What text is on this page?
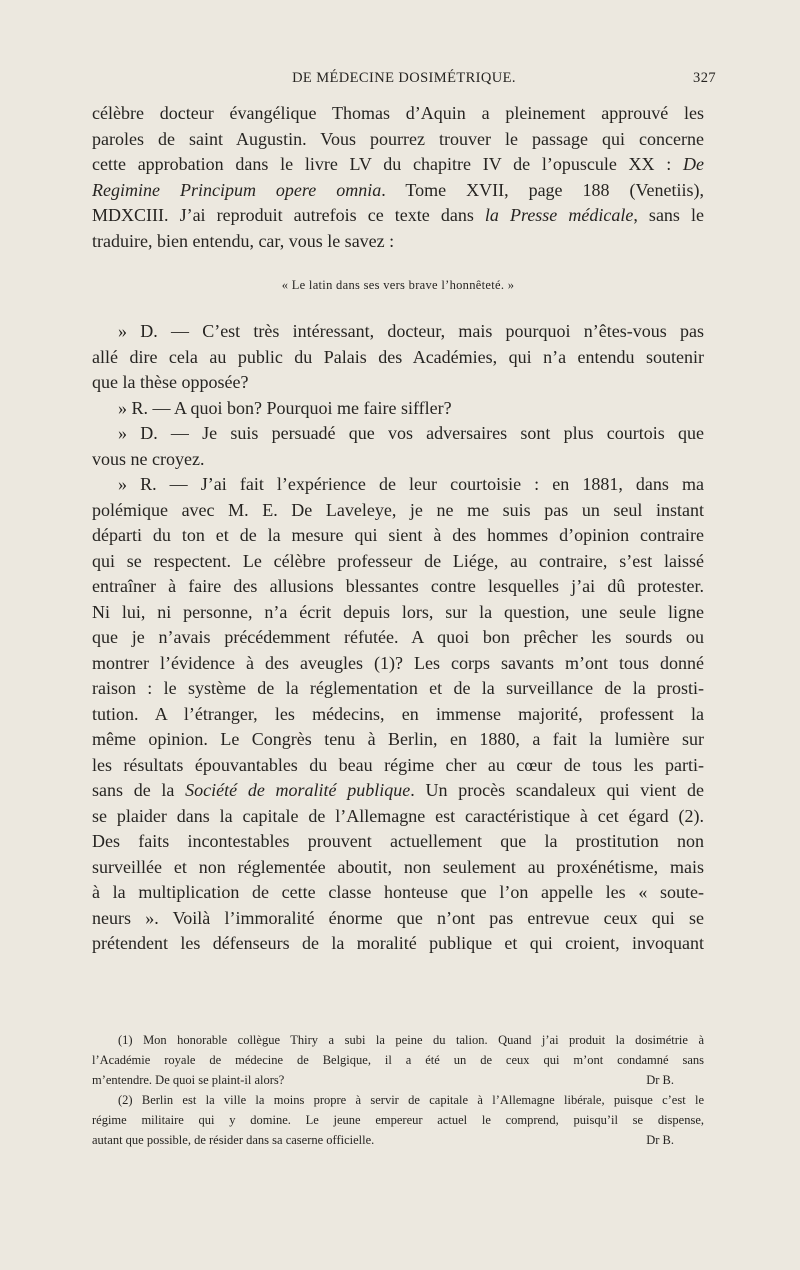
DE MÉDECINE DOSIMÉTRIQUE.	327
célèbre docteur évangélique Thomas d’Aquin a pleinement approuvé les
paroles de saint Augustin. Vous pourrez trouver le passage qui concerne
cette approbation dans le livre LV du chapitre IV de l’opuscule XX : De
Regimine Principum opere omnia. Tome XVII, page 188 (Venetiis),
MDXCIII. J’ai reproduit autrefois ce texte dans la Presse médicale, sans le
traduire, bien entendu, car, vous le savez :
« Le latin dans ses vers brave l’honnêteté. »
» D. — C’est très intéressant, docteur, mais pourquoi n’êtes-vous pas
allé dire cela au public du Palais des Académies, qui n’a entendu soutenir
que la thèse opposée?
» R. — A quoi bon? Pourquoi me faire siffler?
» D. — Je suis persuadé que vos adversaires sont plus courtois que
vous ne croyez.
» R. — J’ai fait l’expérience de leur courtoisie : en 1881, dans ma
polémique avec M. E. De Laveleye, je ne me suis pas un seul instant
départi du ton et de la mesure qui sient à des hommes d’opinion contraire
qui se respectent. Le célèbre professeur de Liége, au contraire, s’est laissé
entraîner à faire des allusions blessantes contre lesquelles j’ai dû protester.
Ni lui, ni personne, n’a écrit depuis lors, sur la question, une seule ligne
que je n’avais précédemment réfutée. A quoi bon prêcher les sourds ou
montrer l’évidence à des aveugles (1)? Les corps savants m’ont tous donné
raison : le système de la réglementation et de la surveillance de la prosti-
tution. A l’étranger, les médecins, en immense majorité, professent la
même opinion. Le Congrès tenu à Berlin, en 1880, a fait la lumière sur
les résultats épouvantables du beau régime cher au cœur de tous les parti-
sans de la Société de moralité publique. Un procès scandaleux qui vient de
se plaider dans la capitale de l’Allemagne est caractéristique à cet égard (2).
Des faits incontestables prouvent actuellement que la prostitution non
surveillée et non réglementée aboutit, non seulement au proxénétisme, mais
à la multiplication de cette classe honteuse que l’on appelle les « soute-
neurs ». Voilà l’immoralité énorme que n’ont pas entrevue ceux qui se
prétendent les défenseurs de la moralité publique et qui croient, invoquant
(1) Mon honorable collègue Thiry a subi la peine du talion. Quand j’ai produit la dosimétrie à
l’Académie royale de médecine de Belgique, il a été un de ceux qui m’ont condamné sans
m’entendre. De quoi se plaint-il alors?	Dr B.
(2) Berlin est la ville la moins propre à servir de capitale à l’Allemagne libérale, puisque c’est le
régime militaire qui y domine. Le jeune empereur actuel le comprend, puisqu’il se dispense,
autant que possible, de résider dans sa caserne officielle.	Dr B.
